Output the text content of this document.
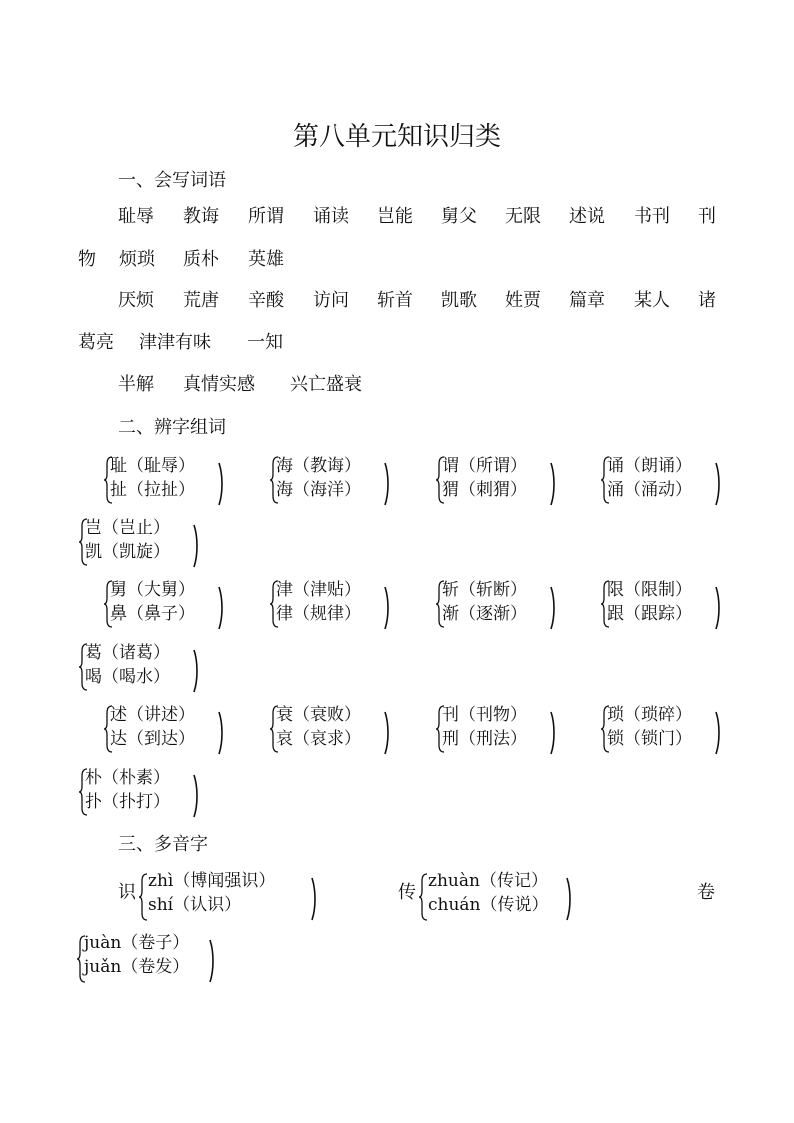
第八单元知识归类
一、会写词语
耻辱 教诲 所谓 诵读 岂能 舅父 无限 述说 书刊 刊
物 烦琐 质朴 英雄
厌烦 荒唐 辛酸 访问 斩首 凯歌 姓贾 篇章 某人 诸
葛亮 津津有味 一知
半解 真情实感 兴亡盛衰
二、辨字组词
耻（耻辱）
扯（拉扯）
海（教诲）
海（海洋）
谓（所谓）
猬（刺猬）
诵（朗诵）
涌（涌动）
岂（岂止）
凯（凯旋）
舅（大舅）
鼻（鼻子）
津（津贴）
律（规律）
斩（斩断）
渐（逐渐）
限（限制）
跟（跟踪）
葛（诸葛）
喝（喝水）
述（讲述）
达（到达）
衰（衰败）
哀（哀求）
刊（刊物）
刑（刑法）
琐（琐碎）
锁（锁门）
朴（朴素）
扑（扑打）
三、多音字
识
zhì（博闻强识）
shí（认识）
传
zhuàn（传记）
chuán（传说）
卷
juàn（卷子）
juǎn（卷发）
